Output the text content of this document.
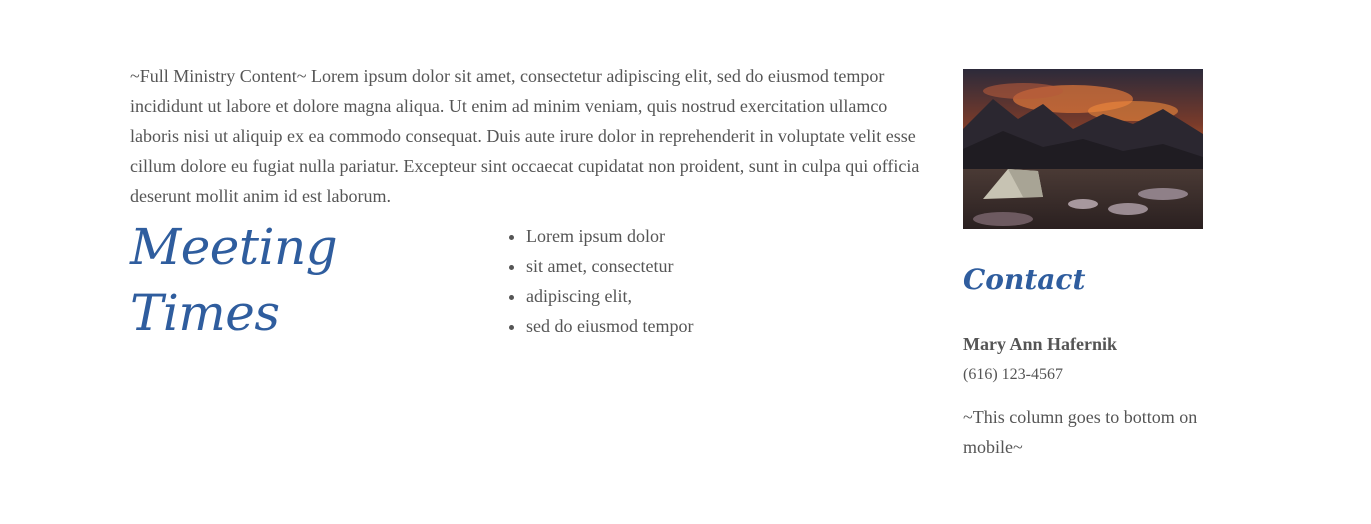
~Full Ministry Content~ Lorem ipsum dolor sit amet, consectetur adipiscing elit, sed do eiusmod tempor incididunt ut labore et dolore magna aliqua. Ut enim ad minim veniam, quis nostrud exercitation ullamco laboris nisi ut aliquip ex ea commodo consequat. Duis aute irure dolor in reprehenderit in voluptate velit esse cillum dolore eu fugiat nulla pariatur. Excepteur sint occaecat cupidatat non proident, sunt in culpa qui officia deserunt mollit anim id est laborum.

Meeting
Times
• Lorem ipsum dolor
• sit amet, consectetur
• adipiscing elit,
• sed do eiusmod tempor
Contact
Mary Ann Hafernik
(616) 123-4567

~This column goes to bottom on mobile~
